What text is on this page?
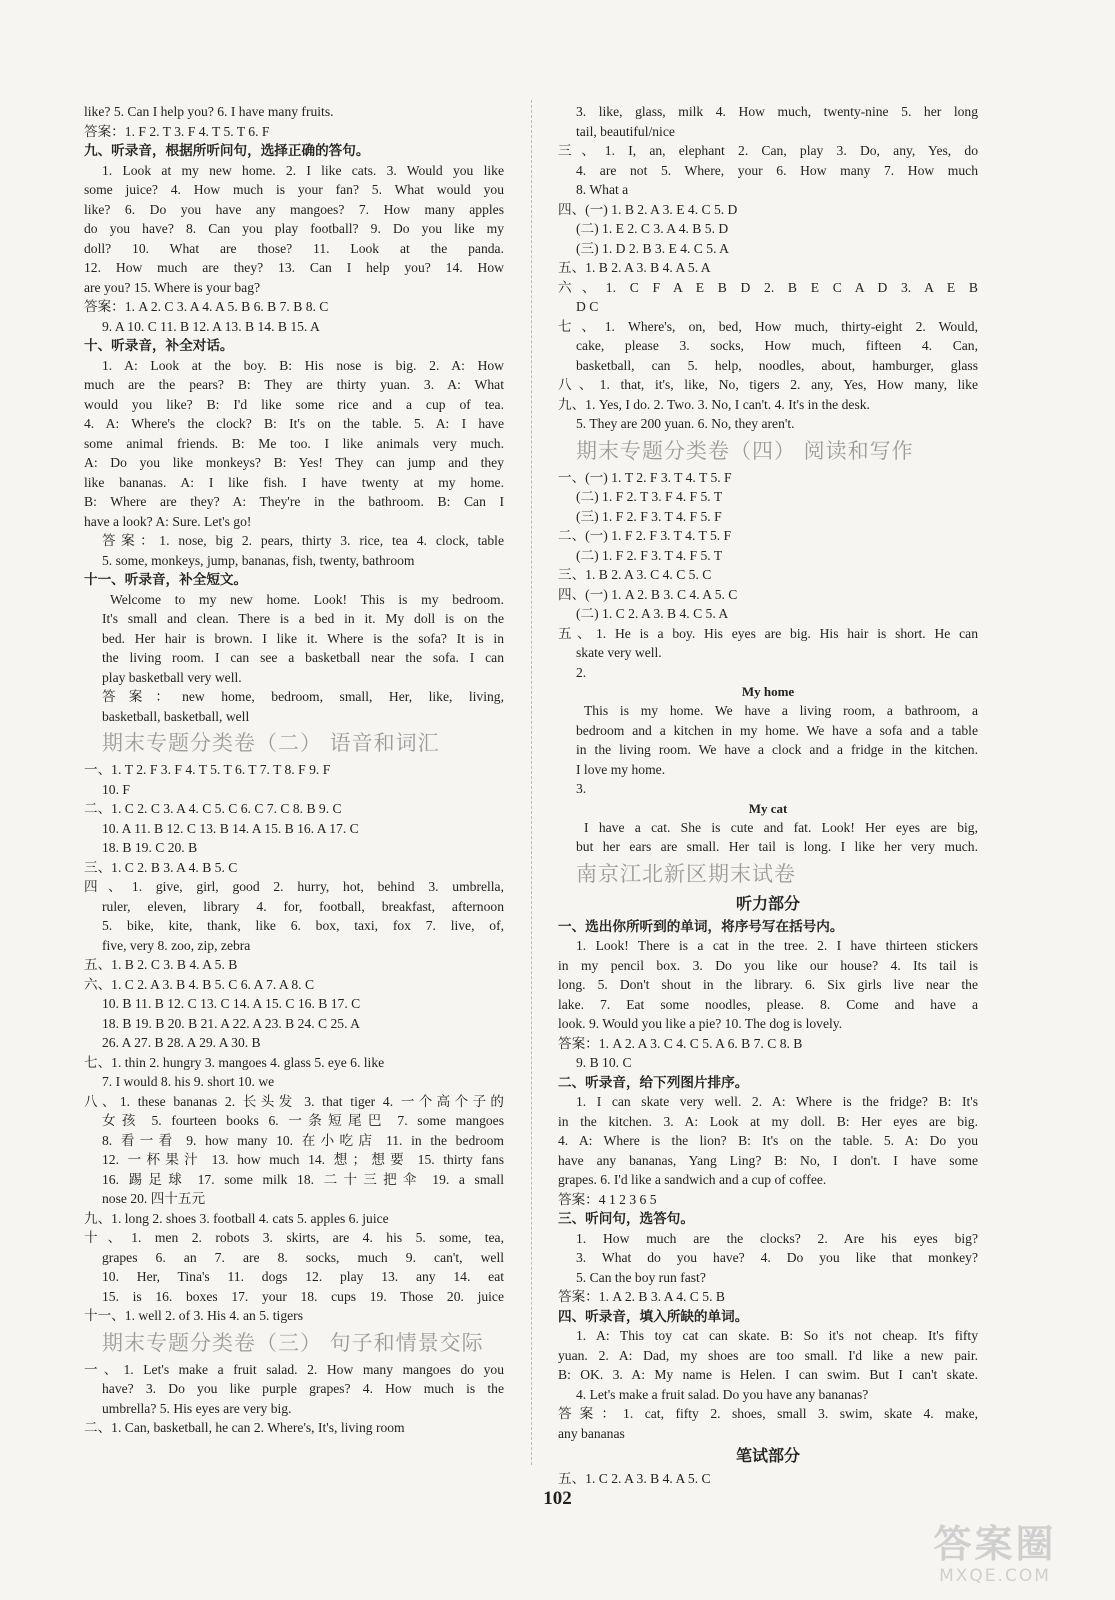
like? 5. Can I help you? 6. I have many fruits.
答案：1. F 2. T 3. F 4. T 5. T 6. F
九、听录音，根据所听问句，选择正确的答句。
1. Look at my new home. 2. I like cats. 3. Would you like
some juice? 4. How much is your fan? 5. What would you
like? 6. Do you have any mangoes? 7. How many apples
do you have? 8. Can you play football? 9. Do you like my
doll? 10. What are those? 11. Look at the panda.
12. How much are they? 13. Can I help you? 14. How
are you? 15. Where is your bag?
答案：1. A 2. C 3. A 4. A 5. B 6. B 7. B 8. C
9. A 10. C 11. B 12. A 13. B 14. B 15. A
十、听录音，补全对话。
1. A: Look at the boy. B: His nose is big. 2. A: How
much are the pears? B: They are thirty yuan. 3. A: What
would you like? B: I'd like some rice and a cup of tea.
4. A: Where's the clock? B: It's on the table. 5. A: I have
some animal friends. B: Me too. I like animals very much.
A: Do you like monkeys? B: Yes! They can jump and they
like bananas. A: I like fish. I have twenty at my home.
B: Where are they? A: They're in the bathroom. B: Can I
have a look? A: Sure. Let's go!
答案：1. nose, big 2. pears, thirty 3. rice, tea 4. clock, table
5. some, monkeys, jump, bananas, fish, twenty, bathroom
十一、听录音，补全短文。
Welcome to my new home. Look! This is my bedroom.
It's small and clean. There is a bed in it. My doll is on the
bed. Her hair is brown. I like it. Where is the sofa? It is in
the living room. I can see a basketball near the sofa. I can
play basketball very well.
答案：new home, bedroom, small, Her, like, living,
basketball, basketball, well
期末专题分类卷（二） 语音和词汇
一、1. T 2. F 3. F 4. T 5. T 6. T 7. T 8. F 9. F
10. F
二、1. C 2. C 3. A 4. C 5. C 6. C 7. C 8. B 9. C
10. A 11. B 12. C 13. B 14. A 15. B 16. A 17. C
18. B 19. C 20. B
三、1. C 2. B 3. A 4. B 5. C
四、1. give, girl, good 2. hurry, hot, behind 3. umbrella,
ruler, eleven, library 4. for, football, breakfast, afternoon
5. bike, kite, thank, like 6. box, taxi, fox 7. live, of,
five, very 8. zoo, zip, zebra
五、1. B 2. C 3. B 4. A 5. B
六、1. C 2. A 3. B 4. B 5. C 6. A 7. A 8. C
10. B 11. B 12. C 13. C 14. A 15. C 16. B 17. C
18. B 19. B 20. B 21. A 22. A 23. B 24. C 25. A
26. A 27. B 28. A 29. A 30. B
七、1. thin 2. hungry 3. mangoes 4. glass 5. eye 6. like
7. I would 8. his 9. short 10. we
八、1. these bananas 2. 长头发 3. that tiger 4. 一个高个子的
女孩 5. fourteen books 6. 一条短尾巴 7. some mangoes
8. 看一看 9. how many 10. 在小吃店 11. in the bedroom
12. 一杯果汁 13. how much 14. 想；想要 15. thirty fans
16. 踢足球 17. some milk 18. 二十三把伞 19. a small
nose 20. 四十五元
九、1. long 2. shoes 3. football 4. cats 5. apples 6. juice
十、1. men 2. robots 3. skirts, are 4. his 5. some, tea,
grapes 6. an 7. are 8. socks, much 9. can't, well
10. Her, Tina's 11. dogs 12. play 13. any 14. eat
15. is 16. boxes 17. your 18. cups 19. Those 20. juice
十一、1. well 2. of 3. His 4. an 5. tigers
期末专题分类卷（三） 句子和情景交际
一、1. Let's make a fruit salad. 2. How many mangoes do you
have? 3. Do you like purple grapes? 4. How much is the
umbrella? 5. His eyes are very big.
二、1. Can, basketball, he can 2. Where's, It's, living room
3. like, glass, milk 4. How much, twenty-nine 5. her long
tail, beautiful/nice
三、1. I, an, elephant 2. Can, play 3. Do, any, Yes, do
4. are not 5. Where, your 6. How many 7. How much
8. What a
四、(一) 1. B 2. A 3. E 4. C 5. D
(二) 1. E 2. C 3. A 4. B 5. D
(三) 1. D 2. B 3. E 4. C 5. A
五、1. B 2. A 3. B 4. A 5. A
六、1. C F A E B D 2. B E C A D 3. A E B
D C
七、1. Where's, on, bed, How much, thirty-eight 2. Would,
cake, please 3. socks, How much, fifteen 4. Can,
basketball, can 5. help, noodles, about, hamburger, glass
八、1. that, it's, like, No, tigers 2. any, Yes, How many, like
九、1. Yes, I do. 2. Two. 3. No, I can't. 4. It's in the desk.
5. They are 200 yuan. 6. No, they aren't.
期末专题分类卷（四） 阅读和写作
一、(一) 1. T 2. F 3. T 4. T 5. F
(二) 1. F 2. T 3. F 4. F 5. T
(三) 1. F 2. F 3. T 4. F 5. F
二、(一) 1. F 2. F 3. T 4. T 5. F
(二) 1. F 2. F 3. T 4. F 5. T
三、1. B 2. A 3. C 4. C 5. C
四、(一) 1. A 2. B 3. C 4. A 5. C
(二) 1. C 2. A 3. B 4. C 5. A
五、1. He is a boy. His eyes are big. His hair is short. He can
skate very well.
2.
My home
This is my home. We have a living room, a bathroom, a
bedroom and a kitchen in my home. We have a sofa and a table
in the living room. We have a clock and a fridge in the kitchen.
I love my home.
3.
My cat
I have a cat. She is cute and fat. Look! Her eyes are big,
but her ears are small. Her tail is long. I like her very much.
南京江北新区期末试卷
听力部分
一、选出你所听到的单词，将序号写在括号内。
1. Look! There is a cat in the tree. 2. I have thirteen stickers
in my pencil box. 3. Do you like our house? 4. Its tail is
long. 5. Don't shout in the library. 6. Six girls live near the
lake. 7. Eat some noodles, please. 8. Come and have a
look. 9. Would you like a pie? 10. The dog is lovely.
答案：1. A 2. A 3. C 4. C 5. A 6. B 7. C 8. B
9. B 10. C
二、听录音，给下列图片排序。
1. I can skate very well. 2. A: Where is the fridge? B: It's
in the kitchen. 3. A: Look at my doll. B: Her eyes are big.
4. A: Where is the lion? B: It's on the table. 5. A: Do you
have any bananas, Yang Ling? B: No, I don't. I have some
grapes. 6. I'd like a sandwich and a cup of coffee.
答案：4 1 2 3 6 5
三、听问句，选答句。
1. How much are the clocks? 2. Are his eyes big?
3. What do you have? 4. Do you like that monkey?
5. Can the boy run fast?
答案：1. A 2. B 3. A 4. C 5. B
四、听录音，填入所缺的单词。
1. A: This toy cat can skate. B: So it's not cheap. It's fifty
yuan. 2. A: Dad, my shoes are too small. I'd like a new pair.
B: OK. 3. A: My name is Helen. I can swim. But I can't skate.
4. Let's make a fruit salad. Do you have any bananas?
答案：1. cat, fifty 2. shoes, small 3. swim, skate 4. make,
any bananas
笔试部分
五、1. C 2. A 3. B 4. A 5. C
102
答案圈
MXQE.COM
